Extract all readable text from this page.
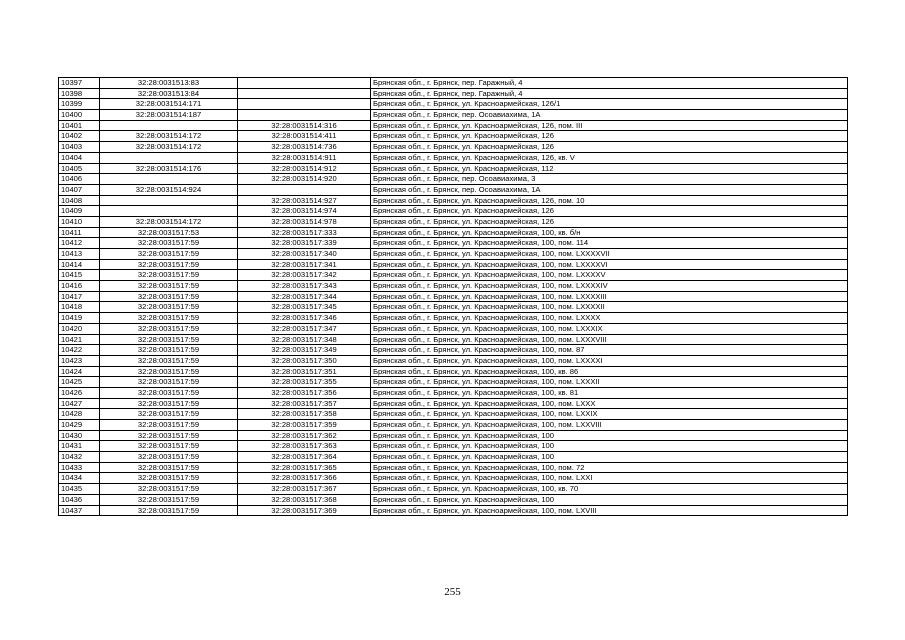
10397	32:28:0031513:83		Брянская обл., г. Брянск, пер. Гаражный, 4
10398	32:28:0031513:84		Брянская обл., г. Брянск, пер. Гаражный, 4
10399	32:28:0031514:171		Брянская обл., г. Брянск, ул. Красноармейская, 126/1
10400	32:28:0031514:187		Брянская обл., г. Брянск, пер. Осоавиахима, 1А
10401		32:28:0031514:316	Брянская обл., г. Брянск, ул. Красноармейская, 126, пом. III
10402	32:28:0031514:172	32:28:0031514:411	Брянская обл., г. Брянск, ул. Красноармейская, 126
10403	32:28:0031514:172	32:28:0031514:736	Брянская обл., г. Брянск, ул. Красноармейская, 126
10404		32:28:0031514:911	Брянская обл., г. Брянск, ул. Красноармейская, 126, кв. V
10405	32:28:0031514:176	32:28:0031514:912	Брянская обл., г. Брянск, ул. Красноармейская, 112
10406		32:28:0031514:920	Брянская обл., г. Брянск, пер. Осоавиахима, 3
10407	32:28:0031514:924		Брянская обл., г. Брянск, пер. Осоавиахима, 1А
10408		32:28:0031514:927	Брянская обл., г. Брянск, ул. Красноармейская, 126, пом. 10
10409		32:28:0031514:974	Брянская обл., г. Брянск, ул. Красноармейская, 126
10410	32:28:0031514:172	32:28:0031514:978	Брянская обл., г. Брянск, ул. Красноармейская, 126
10411	32:28:0031517:53	32:28:0031517:333	Брянская обл., г. Брянск, ул. Красноармейская, 100, кв. б/н
10412	32:28:0031517:59	32:28:0031517:339	Брянская обл., г. Брянск, ул. Красноармейская, 100, пом. 114
10413	32:28:0031517:59	32:28:0031517:340	Брянская обл., г. Брянск, ул. Красноармейская, 100, пом. LXXXXVII
10414	32:28:0031517:59	32:28:0031517:341	Брянская обл., г. Брянск, ул. Красноармейская, 100, пом. LXXXXVI
10415	32:28:0031517:59	32:28:0031517:342	Брянская обл., г. Брянск, ул. Красноармейская, 100, пом. LXXXXV
10416	32:28:0031517:59	32:28:0031517:343	Брянская обл., г. Брянск, ул. Красноармейская, 100, пом. LXXXXIV
10417	32:28:0031517:59	32:28:0031517:344	Брянская обл., г. Брянск, ул. Красноармейская, 100, пом. LXXXXIII
10418	32:28:0031517:59	32:28:0031517:345	Брянская обл., г. Брянск, ул. Красноармейская, 100, пом. LXXXXII
10419	32:28:0031517:59	32:28:0031517:346	Брянская обл., г. Брянск, ул. Красноармейская, 100, пом. LXXXX
10420	32:28:0031517:59	32:28:0031517:347	Брянская обл., г. Брянск, ул. Красноармейская, 100, пом. LXXXIX
10421	32:28:0031517:59	32:28:0031517:348	Брянская обл., г. Брянск, ул. Красноармейская, 100, пом. LXXXVIII
10422	32:28:0031517:59	32:28:0031517:349	Брянская обл., г. Брянск, ул. Красноармейская, 100, пом. 87
10423	32:28:0031517:59	32:28:0031517:350	Брянская обл., г. Брянск, ул. Красноармейская, 100, пом. LXXXXI
10424	32:28:0031517:59	32:28:0031517:351	Брянская обл., г. Брянск, ул. Красноармейская, 100, кв. 86
10425	32:28:0031517:59	32:28:0031517:355	Брянская обл., г. Брянск, ул. Красноармейская, 100, пом. LXXXII
10426	32:28:0031517:59	32:28:0031517:356	Брянская обл., г. Брянск, ул. Красноармейская, 100, кв. 81
10427	32:28:0031517:59	32:28:0031517:357	Брянская обл., г. Брянск, ул. Красноармейская, 100, пом. LXXX
10428	32:28:0031517:59	32:28:0031517:358	Брянская обл., г. Брянск, ул. Красноармейская, 100, пом. LXXIX
10429	32:28:0031517:59	32:28:0031517:359	Брянская обл., г. Брянск, ул. Красноармейская, 100, пом. LXXVIII
10430	32:28:0031517:59	32:28:0031517:362	Брянская обл., г. Брянск, ул. Красноармейская, 100
10431	32:28:0031517:59	32:28:0031517:363	Брянская обл., г. Брянск, ул. Красноармейская, 100
10432	32:28:0031517:59	32:28:0031517:364	Брянская обл., г. Брянск, ул. Красноармейская, 100
10433	32:28:0031517:59	32:28:0031517:365	Брянская обл., г. Брянск, ул. Красноармейская, 100, пом. 72
10434	32:28:0031517:59	32:28:0031517:366	Брянская обл., г. Брянск, ул. Красноармейская, 100, пом. LXXI
10435	32:28:0031517:59	32:28:0031517:367	Брянская обл., г. Брянск, ул. Красноармейская, 100, кв. 70
10436	32:28:0031517:59	32:28:0031517:368	Брянская обл., г. Брянск, ул. Красноармейская, 100
10437	32:28:0031517:59	32:28:0031517:369	Брянская обл., г. Брянск, ул. Красноармейская, 100, пом. LXVIII
255
